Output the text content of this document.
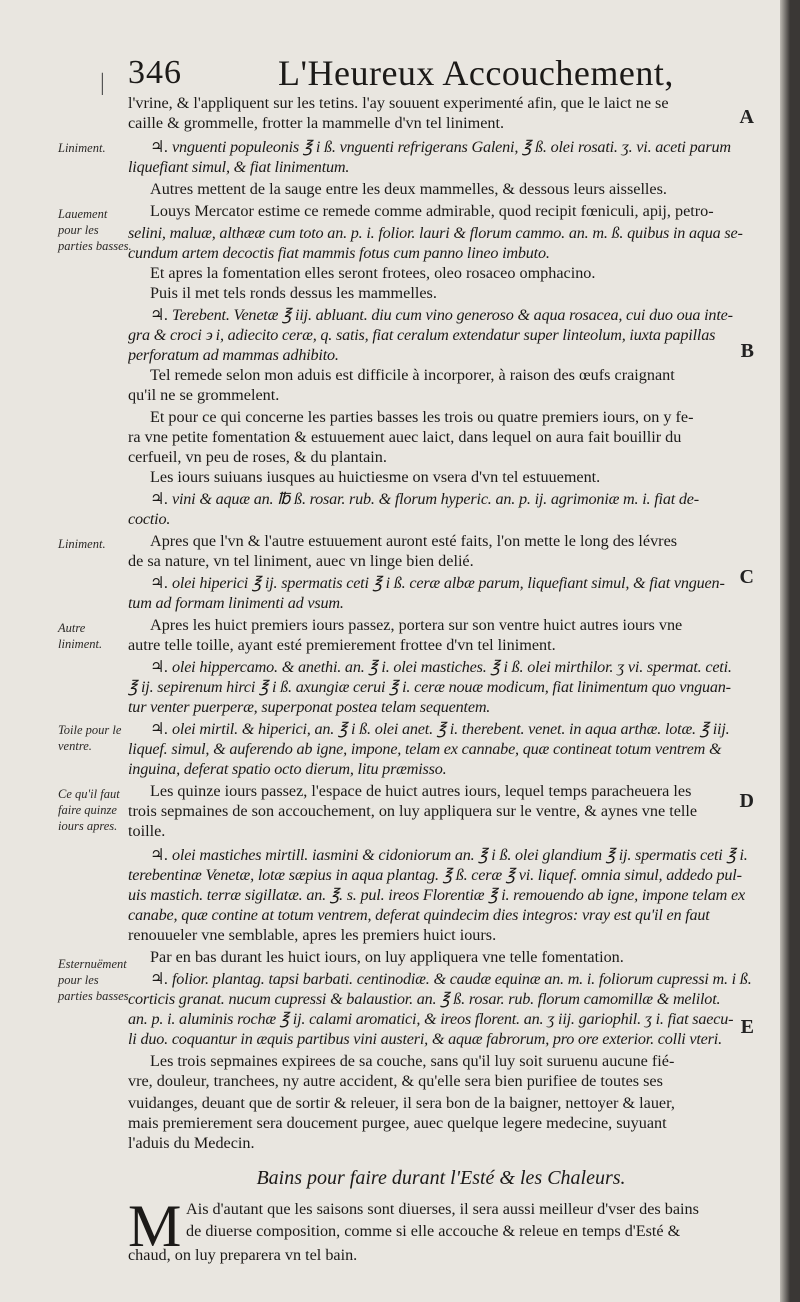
| 346	L'Heureux Accouchement,
A
B
C
D
E
Liniment.
Lauement pour les parties basses.
Liniment.
Autre liniment.
Toile pour le ventre.
Ce qu'il faut faire quinze iours apres.
Esternuëment pour les parties basses.
l'vrine, & l'appliquent sur les tetins. l'ay souuent experimenté afin, que le laict ne se
caille & grommelle, frotter la mammelle d'vn tel liniment.
♃. vnguenti populeonis ℥ i ß. vnguenti refrigerans Galeni, ℥ ß. olei rosati. ʒ. vi. aceti parum
liquefiant simul, & fiat linimentum.
Autres mettent de la sauge entre les deux mammelles, & dessous leurs aisselles.
Louys Mercator estime ce remede comme admirable, quod recipit fœniculi, apij, petro-
selini, maluæ, althææ cum toto an. p. i. folior. lauri & florum cammo. an. m. ß. quibus in aqua se-
cundum artem decoctis fiat mammis fotus cum panno lineo imbuto.
Et apres la fomentation elles seront frotees, oleo rosaceo omphacino.
Puis il met tels ronds dessus les mammelles.
♃. Terebent. Venetæ ℥ iij. abluant. diu cum vino generoso & aqua rosacea, cui duo oua inte-
gra & croci ϶ i, adiecito ceræ, q. satis, fiat ceralum extendatur super linteolum, iuxta papillas
perforatum ad mammas adhibito.
Tel remede selon mon aduis est difficile à incorporer, à raison des œufs craignant
qu'il ne se grommelent.
Et pour ce qui concerne les parties basses les trois ou quatre premiers iours, on y fe-
ra vne petite fomentation & estuuement auec laict, dans lequel on aura fait bouillir du
cerfueil, vn peu de roses, & du plantain.
Les iours suiuans iusques au huictiesme on vsera d'vn tel estuuement.
♃. vini & aquæ an. ℔ ß. rosar. rub. & florum hyperic. an. p. ij. agrimoniæ m. i. fiat de-
coctio.
Apres que l'vn & l'autre estuuement auront esté faits, l'on mette le long des lévres
de sa nature, vn tel liniment, auec vn linge bien delié.
♃. olei hiperici ℥ ij. spermatis ceti ℥ i ß. ceræ albæ parum, liquefiant simul, & fiat vnguen-
tum ad formam linimenti ad vsum.
Apres les huict premiers iours passez, portera sur son ventre huict autres iours vne
autre telle toille, ayant esté premierement frottee d'vn tel liniment.
♃. olei hippercamo. & anethi. an. ℥ i. olei mastiches. ℥ i ß. olei mirthilor. ʒ vi. spermat. ceti.
℥ ij. sepirenum hirci ℥ i ß. axungiæ cerui ℥ i. ceræ nouæ modicum, fiat linimentum quo vnguan-
tur venter puerperæ, superponat postea telam sequentem.
♃. olei mirtil. & hiperici, an. ℥ i ß. olei anet. ℥ i. therebent. venet. in aqua arthæ. lotæ. ℥ iij.
liquef. simul, & auferendo ab igne, impone, telam ex cannabe, quæ contineat totum ventrem &
inguina, deferat spatio octo dierum, litu præmisso.
Les quinze iours passez, l'espace de huict autres iours, lequel temps paracheuera les
trois sepmaines de son accouchement, on luy appliquera sur le ventre, & aynes vne telle
toille.
♃. olei mastiches mirtill. iasmini & cidoniorum an. ℥ i ß. olei glandium ℥ ij. spermatis ceti ℥ i.
terebentinæ Venetæ, lotæ sæpius in aqua plantag. ℥ ß. ceræ ℥ vi. liquef. omnia simul, addedo pul-
uis mastich. terræ sigillatæ. an. ℥. s. pul. ireos Florentiæ ℥ i. remouendo ab igne, impone telam ex
canabe, quæ contine at totum ventrem, deferat quindecim dies integros: vray est qu'il en faut
renouueler vne semblable, apres les premiers huict iours.
Par en bas durant les huict iours, on luy appliquera vne telle fomentation.
♃. folior. plantag. tapsi barbati. centinodiæ. & caudæ equinæ an. m. i. foliorum cupressi m. i ß.
corticis granat. nucum cupressi & balaustior. an. ℥ ß. rosar. rub. florum camomillæ & melilot.
an. p. i. aluminis rochæ ℥ ij. calami aromatici, & ireos florent. an. ʒ iij. gariophil. ʒ i. fiat saecu-
li duo. coquantur in æquis partibus vini austeri, & aquæ fabrorum, pro ore exterior. colli vteri.
Les trois sepmaines expirees de sa couche, sans qu'il luy soit suruenu aucune fié-
vre, douleur, tranchees, ny autre accident, & qu'elle sera bien purifiee de toutes ses
vuidanges, deuant que de sortir & releuer, il sera bon de la baigner, nettoyer & lauer,
mais premierement sera doucement purgee, auec quelque legere medecine, suyuant
l'aduis du Medecin.
Bains pour faire durant l'Esté & les Chaleurs.
M Ais d'autant que les saisons sont diuerses, il sera aussi meilleur d'vser des bains
de diuerse composition, comme si elle accouche & releue en temps d'Esté &
chaud, on luy preparera vn tel bain.
